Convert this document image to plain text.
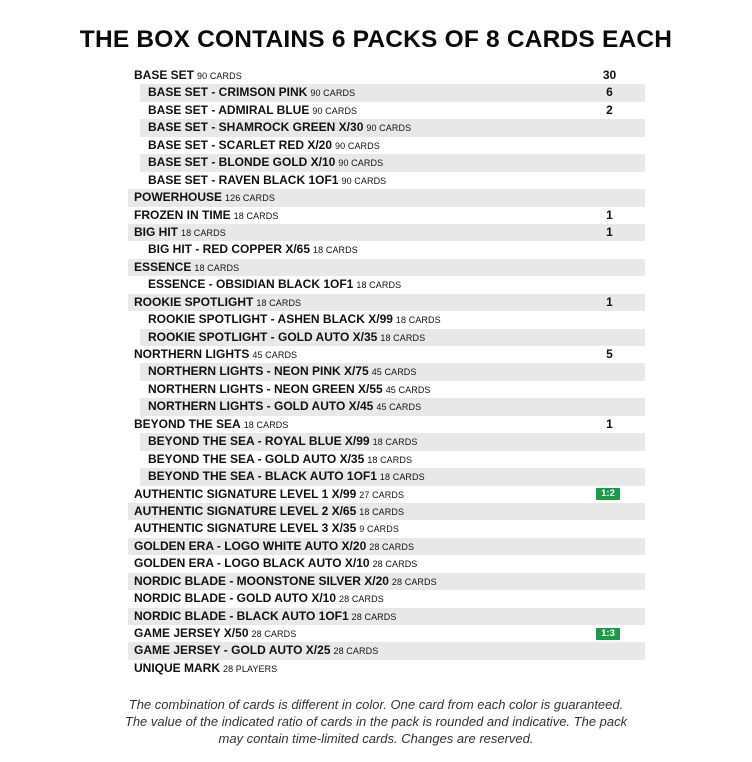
THE BOX CONTAINS 6 PACKS OF 8 CARDS EACH
BASE SET 90 CARDS	30
BASE SET - CRIMSON PINK 90 CARDS	6
BASE SET - ADMIRAL BLUE 90 CARDS	2
BASE SET - SHAMROCK GREEN X/30 90 CARDS
BASE SET - SCARLET RED X/20 90 CARDS
BASE SET - BLONDE GOLD X/10 90 CARDS
BASE SET - RAVEN BLACK 1OF1 90 CARDS
POWERHOUSE 126 CARDS
FROZEN IN TIME 18 CARDS	1
BIG HIT 18 CARDS	1
BIG HIT - RED COPPER X/65 18 CARDS
ESSENCE 18 CARDS
ESSENCE - OBSIDIAN BLACK 1OF1 18 CARDS
ROOKIE SPOTLIGHT 18 CARDS	1
ROOKIE SPOTLIGHT - ASHEN BLACK X/99 18 CARDS
ROOKIE SPOTLIGHT - GOLD AUTO X/35 18 CARDS
NORTHERN LIGHTS 45 CARDS	5
NORTHERN LIGHTS - NEON PINK X/75 45 CARDS
NORTHERN LIGHTS - NEON GREEN X/55 45 CARDS
NORTHERN LIGHTS - GOLD AUTO X/45 45 CARDS
BEYOND THE SEA 18 CARDS	1
BEYOND THE SEA - ROYAL BLUE X/99 18 CARDS
BEYOND THE SEA - GOLD AUTO X/35 18 CARDS
BEYOND THE SEA - BLACK AUTO 1OF1 18 CARDS
AUTHENTIC SIGNATURE LEVEL 1 X/99 27 CARDS	1:2
AUTHENTIC SIGNATURE LEVEL 2 X/65 18 CARDS
AUTHENTIC SIGNATURE LEVEL 3 X/35 9 CARDS
GOLDEN ERA - LOGO WHITE AUTO X/20 28 CARDS
GOLDEN ERA - LOGO BLACK AUTO X/10 28 CARDS
NORDIC BLADE - MOONSTONE SILVER X/20 28 CARDS
NORDIC BLADE - GOLD AUTO X/10 28 CARDS
NORDIC BLADE - BLACK AUTO 1OF1 28 CARDS
GAME JERSEY X/50 28 CARDS	1:3
GAME JERSEY - GOLD AUTO X/25 28 CARDS
UNIQUE MARK 28 PLAYERS
The combination of cards is different in color. One card from each color is guaranteed.
The value of the indicated ratio of cards in the pack is rounded and indicative. The pack
may contain time-limited cards. Changes are reserved.
